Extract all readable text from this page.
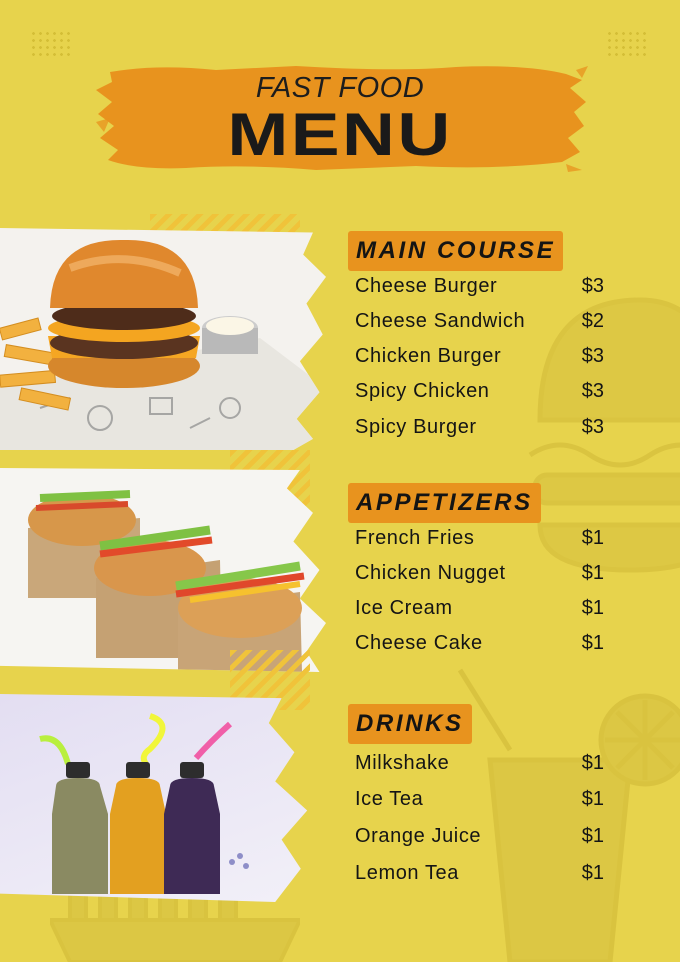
FAST FOOD
MENU
MAIN COURSE
Cheese Burger	$3
Cheese Sandwich	$2
Chicken Burger	$3
Spicy Chicken	$3
Spicy Burger	$3
APPETIZERS
French Fries	$1
Chicken Nugget	$1
Ice Cream	$1
Cheese Cake	$1
DRINKS
Milkshake	$1
Ice Tea	$1
Orange Juice	$1
Lemon Tea	$1
